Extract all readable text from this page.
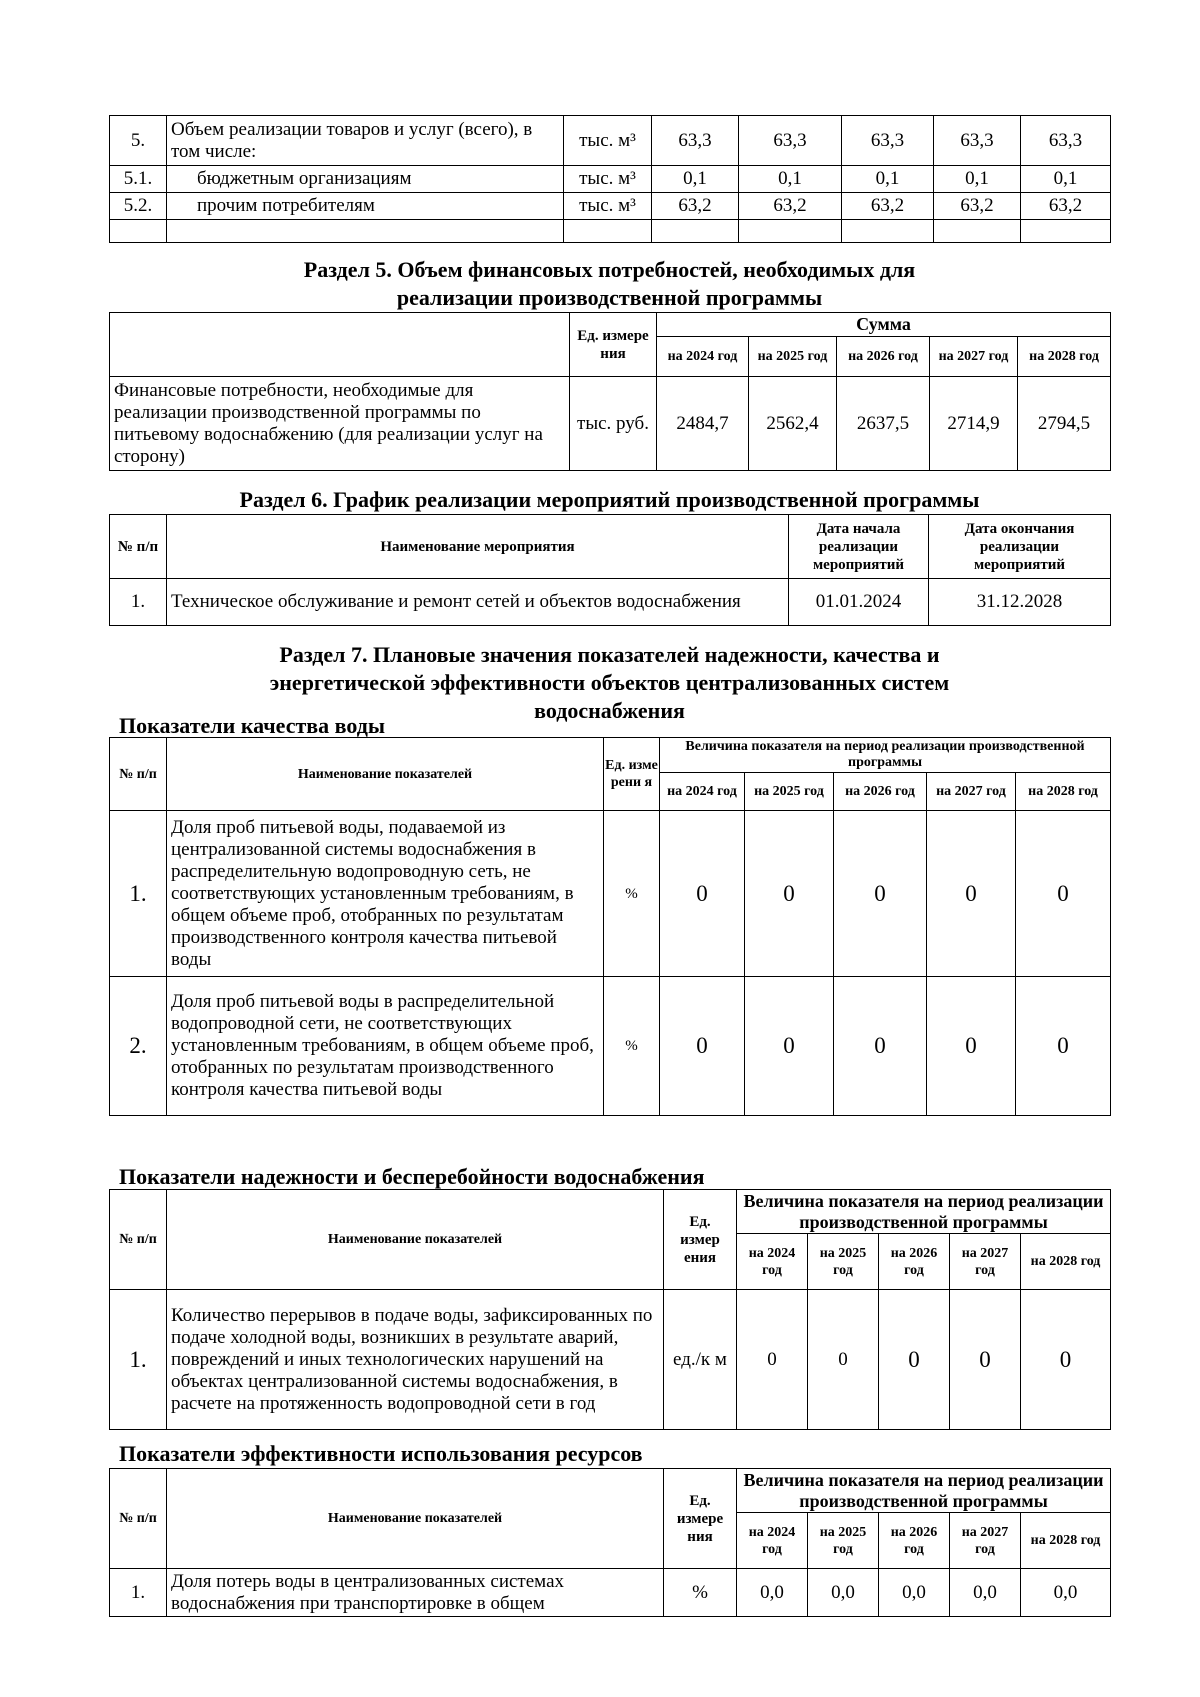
5.	Объем реализации товаров и услуг (всего), в том числе:	тыс. м³	63,3	63,3	63,3	63,3	63,3
5.1.	бюджетным организациям	тыс. м³	0,1	0,1	0,1	0,1	0,1
5.2.	прочим потребителям	тыс. м³	63,2	63,2	63,2	63,2	63,2

Раздел 5. Объем финансовых потребностей, необходимых для реализации производственной программы
	Ед. измере ния	Сумма				
		на 2024 год	на 2025 год	на 2026 год	на 2027 год	на 2028 год
Финансовые потребности, необходимые для реализации производственной программы по питьевому водоснабжению (для реализации услуг на сторону)	тыс. руб.	2484,7	2562,4	2637,5	2714,9	2794,5
Раздел 6. График реализации мероприятий производственной программы
№ п/п	Наименование мероприятия	Дата начала реализации мероприятий	Дата окончания реализации мероприятий
1.	Техническое обслуживание и ремонт сетей и объектов водоснабжения	01.01.2024	31.12.2028
Раздел 7. Плановые значения показателей надежности, качества и энергетической эффективности объектов централизованных систем водоснабжения
Показатели качества воды
№ п/п	Наименование показателей	Ед. изме рени я	Величина показателя на период реализации производственной программы				
			на 2024 год	на 2025 год	на 2026 год	на 2027 год	на 2028 год
1.	Доля проб питьевой воды, подаваемой из централизованной системы водоснабжения в распределительную водопроводную сеть, не соответствующих установленным требованиям, в общем объеме проб, отобранных по результатам производственного контроля качества питьевой воды	%	0	0	0	0	0
2.	Доля проб питьевой воды в распределительной водопроводной сети, не соответствующих установленным требованиям, в общем объеме проб, отобранных по результатам производственного контроля качества питьевой воды	%	0	0	0	0	0
Показатели надежности и бесперебойности водоснабжения
№ п/п	Наименование показателей	Ед. измер ения	Величина показателя на период реализации производственной программы				
			на 2024 год	на 2025 год	на 2026 год	на 2027 год	на 2028 год
1.	Количество перерывов в подаче воды, зафиксированных по подаче холодной воды, возникших в результате аварий, повреждений и иных технологических нарушений на объектах централизованной системы водоснабжения, в расчете на протяженность водопроводной сети в год	ед./к м	0	0	0	0	0
Показатели эффективности использования ресурсов
№ п/п	Наименование показателей	Ед. измере ния	Величина показателя на период реализации производственной программы				
			на 2024 год	на 2025 год	на 2026 год	на 2027 год	на 2028 год
1.	Доля потерь воды в централизованных системах водоснабжения при транспортировке в общем	%	0,0	0,0	0,0	0,0	0,0
